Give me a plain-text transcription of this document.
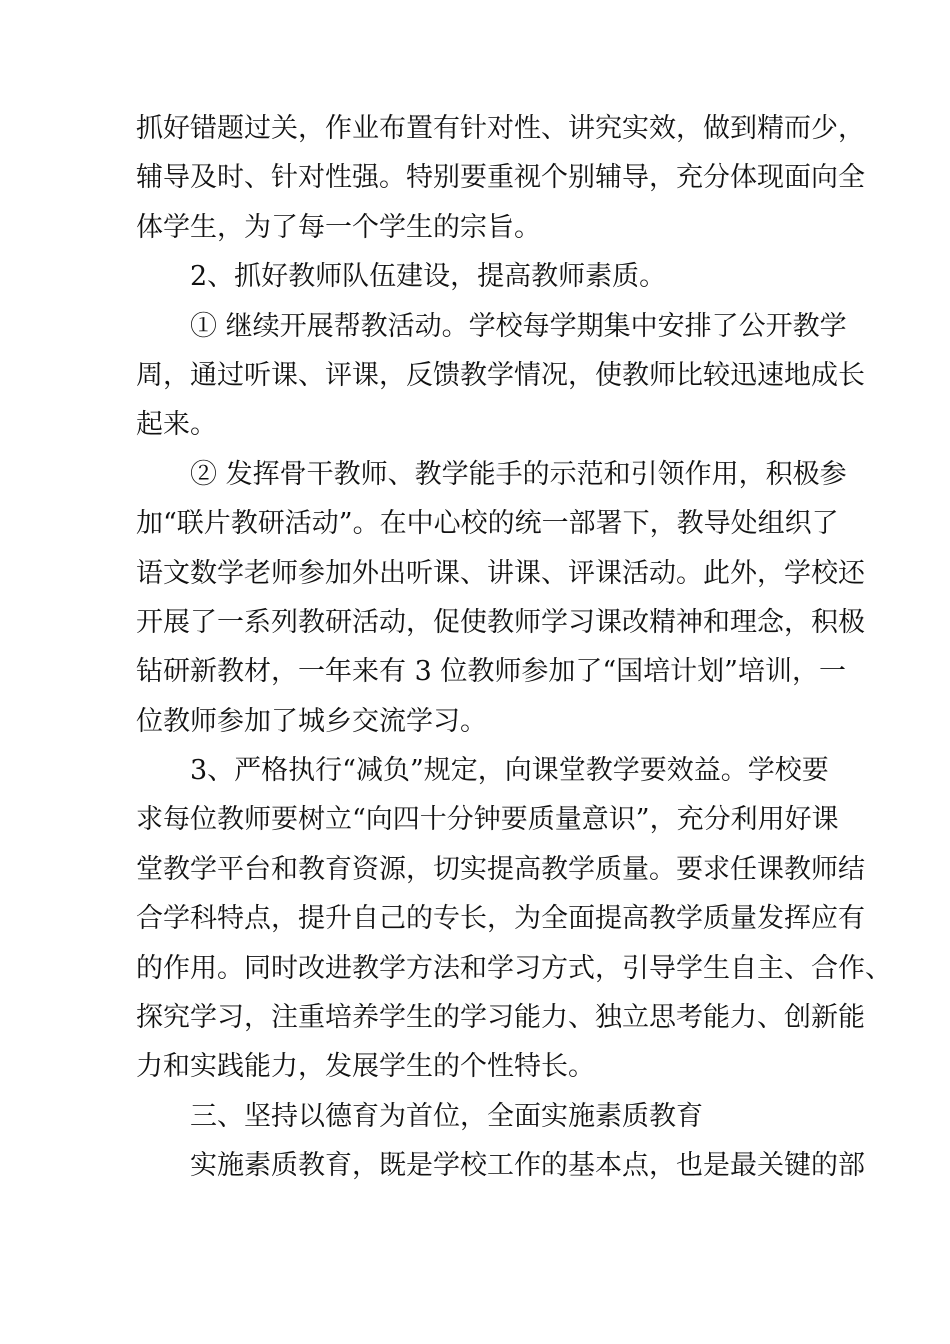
抓好错题过关，作业布置有针对性、讲究实效，做到精而少，
辅导及时、针对性强。特别要重视个别辅导，充分体现面向全
体学生，为了每一个学生的宗旨。
2、抓好教师队伍建设，提高教师素质。
① 继续开展帮教活动。学校每学期集中安排了公开教学
周，通过听课、评课，反馈教学情况，使教师比较迅速地成长
起来。
② 发挥骨干教师、教学能手的示范和引领作用，积极参
加“联片教研活动”。在中心校的统一部署下，教导处组织了
语文数学老师参加外出听课、讲课、评课活动。此外，学校还
开展了一系列教研活动，促使教师学习课改精神和理念，积极
钻研新教材，一年来有 3 位教师参加了“国培计划”培训，一
位教师参加了城乡交流学习。
3、严格执行“减负”规定，向课堂教学要效益。学校要
求每位教师要树立“向四十分钟要质量意识”，充分利用好课
堂教学平台和教育资源，切实提高教学质量。要求任课教师结
合学科特点，提升自己的专长，为全面提高教学质量发挥应有
的作用。同时改进教学方法和学习方式，引导学生自主、合作、
探究学习，注重培养学生的学习能力、独立思考能力、创新能
力和实践能力，发展学生的个性特长。
三、坚持以德育为首位，全面实施素质教育
实施素质教育，既是学校工作的基本点，也是最关键的部
